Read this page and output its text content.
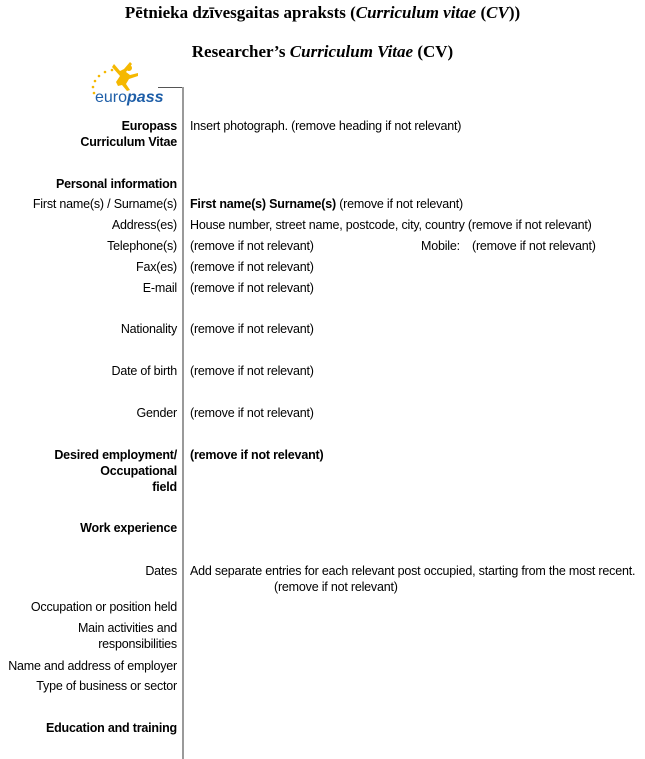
Pētnieka dzīvesgaitas apraksts (Curriculum vitae (CV))
Researcher’s Curriculum Vitae (CV)
europass
Europass
Curriculum Vitae
Insert photograph. (remove heading if not relevant)
Personal information
First name(s) / Surname(s) First name(s) Surname(s) (remove if not relevant)
Address(es) House number, street name, postcode, city, country (remove if not relevant)
Telephone(s) (remove if not relevant)	Mobile: (remove if not relevant)
Fax(es) (remove if not relevant)
E-mail (remove if not relevant)
Nationality (remove if not relevant)
Date of birth (remove if not relevant)
Gender (remove if not relevant)
Desired employment/
Occupational
field
(remove if not relevant)
Work experience
Dates Add separate entries for each relevant post occupied, starting from the most recent.
(remove if not relevant)
Occupation or position held
Main activities and
responsibilities
Name and address of employer
Type of business or sector
Education and training
